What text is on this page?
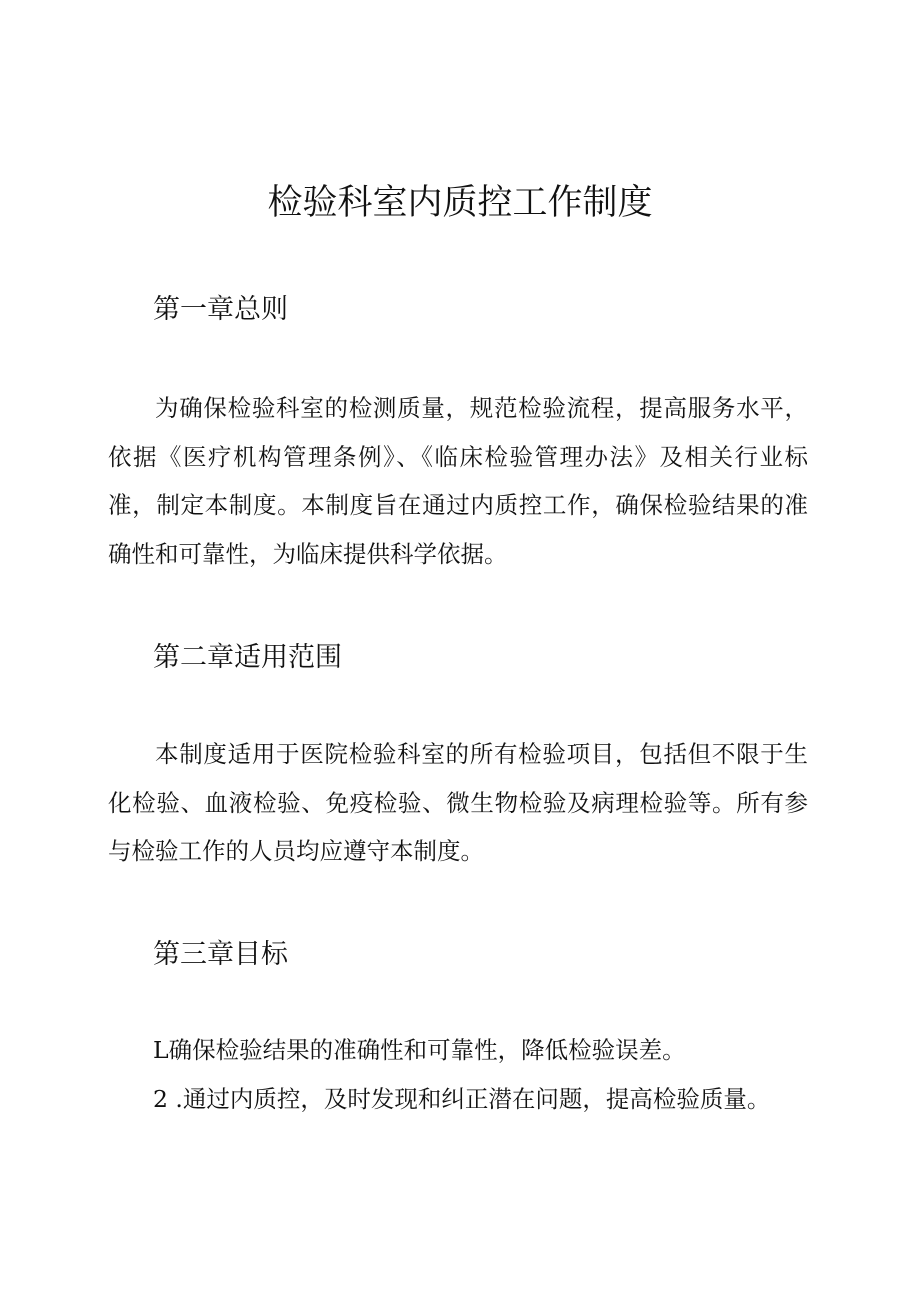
检验科室内质控工作制度
第一章总则

为确保检验科室的检测质量，规范检验流程，提高服务水平，依据《医疗机构管理条例》、《临床检验管理办法》及相关行业标准，制定本制度。本制度旨在通过内质控工作，确保检验结果的准确性和可靠性，为临床提供科学依据。

第二章适用范围

本制度适用于医院检验科室的所有检验项目，包括但不限于生化检验、血液检验、免疫检验、微生物检验及病理检验等。所有参与检验工作的人员均应遵守本制度。

第三章目标
L确保检验结果的准确性和可靠性，降低检验误差。
2 .通过内质控，及时发现和纠正潜在问题，提高检验质量。
